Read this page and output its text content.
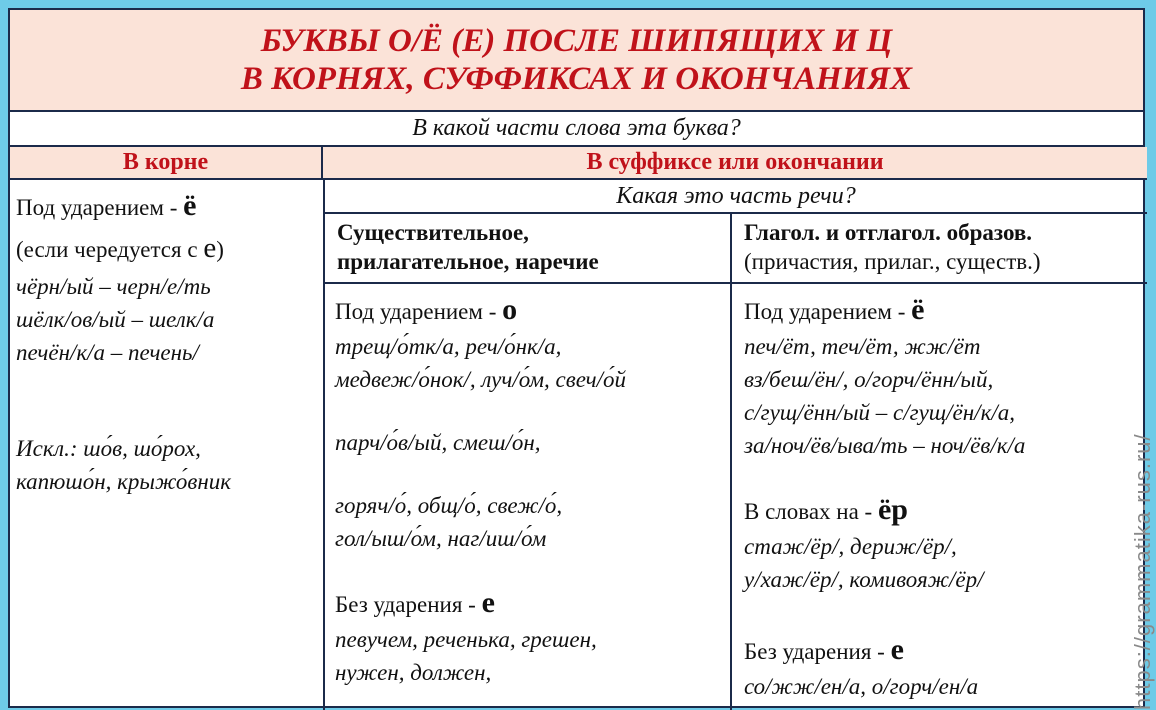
БУКВЫ О/Ё (Е) ПОСЛЕ ШИПЯЩИХ И Ц
В КОРНЯХ, СУФФИКСАХ И ОКОНЧАНИЯХ
В какой части слова эта буква?
В корне	В суффиксе или окончании
Какая это часть речи?
Существительное,
прилагательное, наречие
Глагол. и отглагол. образов.
(причастия, прилаг., существ.)
Под ударением - ё
(если чередуется с е)
чёрн/ый – черн/е/ть
шёлк/ов/ый – шелк/а
печён/к/а – печень/
Искл.: шо́в, шо́рох,
капюшо́н, крыжо́вник
Под ударением - о
трещ/о́тк/а, реч/о́нк/а,
медвеж/о́нок/, луч/о́м, свеч/о́й
парч/о́в/ый, смеш/о́н,
горяч/о́, общ/о́, свеж/о́,
гол/ыш/о́м, наг/иш/о́м
Без ударения - е
певучем, реченька, грешен,
нужен, должен,
Под ударением - ё
печ/ёт, теч/ёт, жж/ёт
вз/беш/ён/, о/горч/ённ/ый,
с/гущ/ённ/ый – с/гущ/ён/к/а,
за/ноч/ёв/ыва/ть – ноч/ёв/к/а
В словах на - ёр
стаж/ёр/, дериж/ёр/,
у/хаж/ёр/, комивояж/ёр/
Без ударения - е
со/жж/ен/а, о/горч/ен/а	https://grammatika-rus.ru/
